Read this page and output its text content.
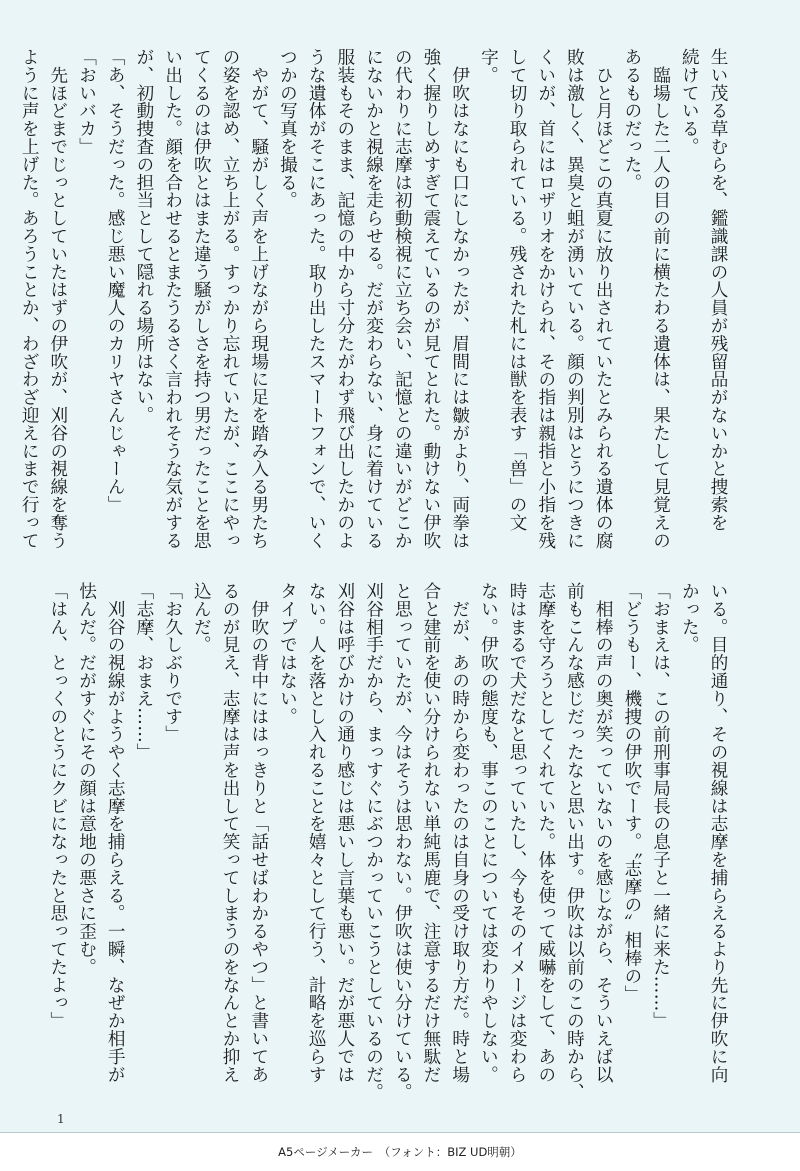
生い茂る草むらを、鑑識課の人員が残留品がないかと捜索を
続けている。
　臨場した二人の目の前に横たわる遺体は、果たして見覚えの
あるものだった。
　ひと月ほどこの真夏に放り出されていたとみられる遺体の腐
敗は激しく、異臭と蛆が湧いている。顔の判別はとうにつきに
くいが、首にはロザリオをかけられ、その指は親指と小指を残
して切り取られている。残された札には獣を表す「兽」の文字。
　伊吹はなにも口にしなかったが、眉間には皺がより、両拳は
強く握りしめすぎて震えているのが見てとれた。動けない伊吹
の代わりに志摩は初動検視に立ち会い、記憶との違いがどこか
にないかと視線を走らせる。だが変わらない、身に着けている
服装もそのまま、記憶の中から寸分たがわず飛び出したかのよ
うな遺体がそこにあった。取り出したスマートフォンで、いく
つかの写真を撮る。
　やがて、騒がしく声を上げながら現場に足を踏み入る男たち
の姿を認め、立ち上がる。すっかり忘れていたが、ここにやっ
てくるのは伊吹とはまた違う騒がしさを持つ男だったことを思
い出した。顔を合わせるとまたうるさく言われそうな気がする
が、初動捜査の担当として隠れる場所はない。
「あ、そうだった。感じ悪い魔人のカリヤさんじゃーん」
「おいバカ」
　先ほどまでじっとしていたはずの伊吹が、刈谷の視線を奪う
ように声を上げた。あろうことか、わざわざ迎えにまで行って
いる。目的通り、その視線は志摩を捕らえるより先に伊吹に向
かった。
「おまえは、この前刑事局長の息子と一緒に来た……」
「どうもー、機捜の伊吹でーす。〝志摩の〟相棒の」
　相棒の声の奥が笑っていないのを感じながら、そういえば以
前もこんな感じだったなと思い出す。伊吹は以前のこの時から、
志摩を守ろうとしてくれていた。体を使って威嚇をして、あの
時はまるで犬だなと思っていたし、今もそのイメージは変わら
ない。伊吹の態度も、事このことについては変わりやしない。
　だが、あの時から変わったのは自身の受け取り方だ。時と場
合と建前を使い分けられない単純馬鹿で、注意するだけ無駄だ
と思っていたが、今はそうは思わない。伊吹は使い分けている。
刈谷相手だから、まっすぐにぶつかっていこうとしているのだ。
刈谷は呼びかけの通り感じは悪いし言葉も悪い。だが悪人では
ない。人を落とし入れることを嬉々として行う、計略を巡らす
タイプではない。
　伊吹の背中にははっきりと「話せばわかるやつ」と書いてあ
るのが見え、志摩は声を出して笑ってしまうのをなんとか抑え
込んだ。
「お久しぶりです」
「志摩、おまえ……」
　刈谷の視線がようやく志摩を捕らえる。一瞬、なぜか相手が
怯んだ。だがすぐにその顔は意地の悪さに歪む。
「はん、とっくのとうにクビになったと思ってたよっ」
1
A5ページメーカー　（フォント：BIZ UD明朝）
